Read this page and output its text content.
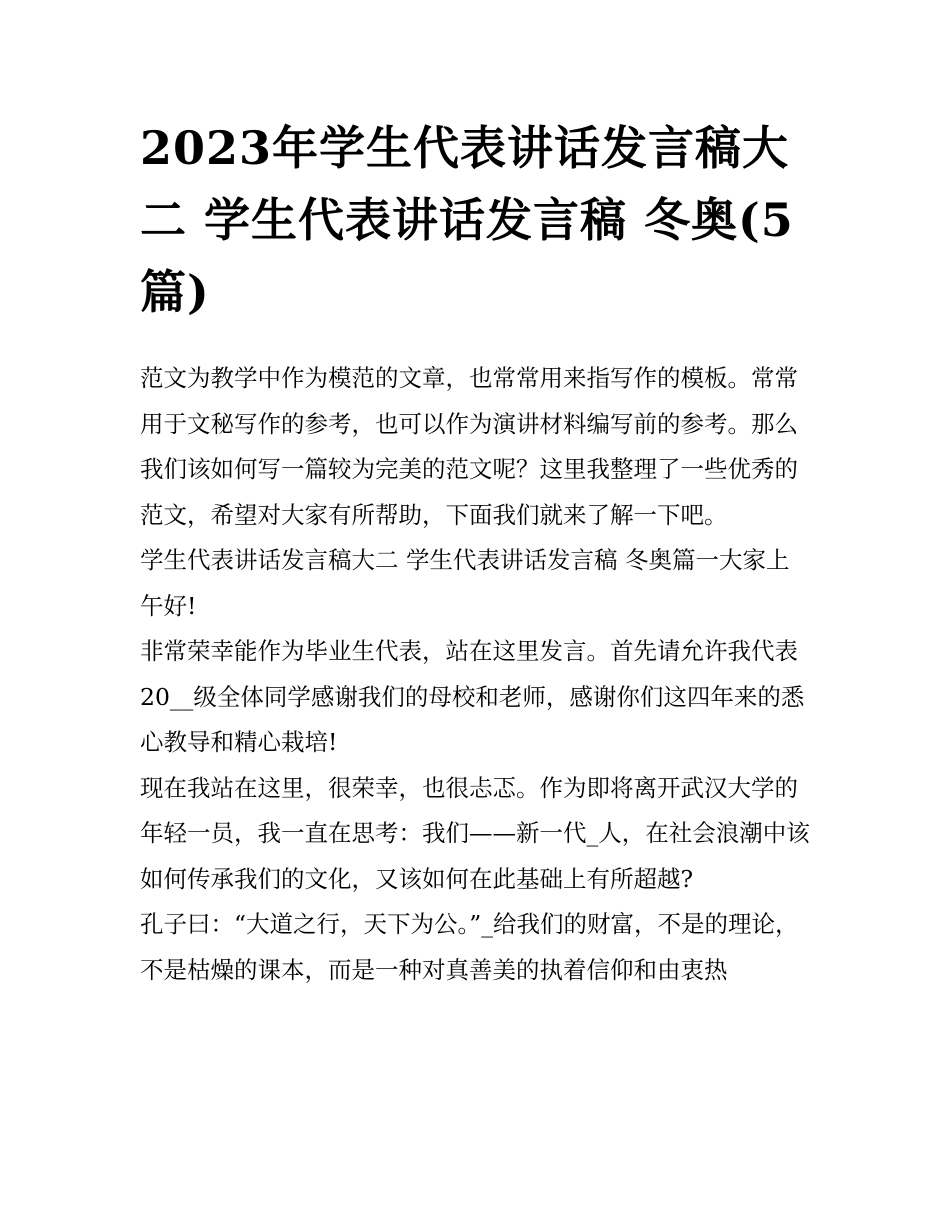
2023年学生代表讲话发言稿大二 学生代表讲话发言稿 冬奥(5篇)

范文为教学中作为模范的文章，也常常用来指写作的模板。常常用于文秘写作的参考，也可以作为演讲材料编写前的参考。那么我们该如何写一篇较为完美的范文呢？这里我整理了一些优秀的范文，希望对大家有所帮助，下面我们就来了解一下吧。

学生代表讲话发言稿大二 学生代表讲话发言稿 冬奥篇一大家上午好!

非常荣幸能作为毕业生代表，站在这里发言。首先请允许我代表20__级全体同学感谢我们的母校和老师，感谢你们这四年来的悉心教导和精心栽培!

现在我站在这里，很荣幸，也很忐忑。作为即将离开武汉大学的年轻一员，我一直在思考：我们——新一代_人，在社会浪潮中该如何传承我们的文化，又该如何在此基础上有所超越?

孔子曰：“大道之行，天下为公。”_给我们的财富，不是的理论，不是枯燥的课本，而是一种对真善美的执着信仰和由衷热
